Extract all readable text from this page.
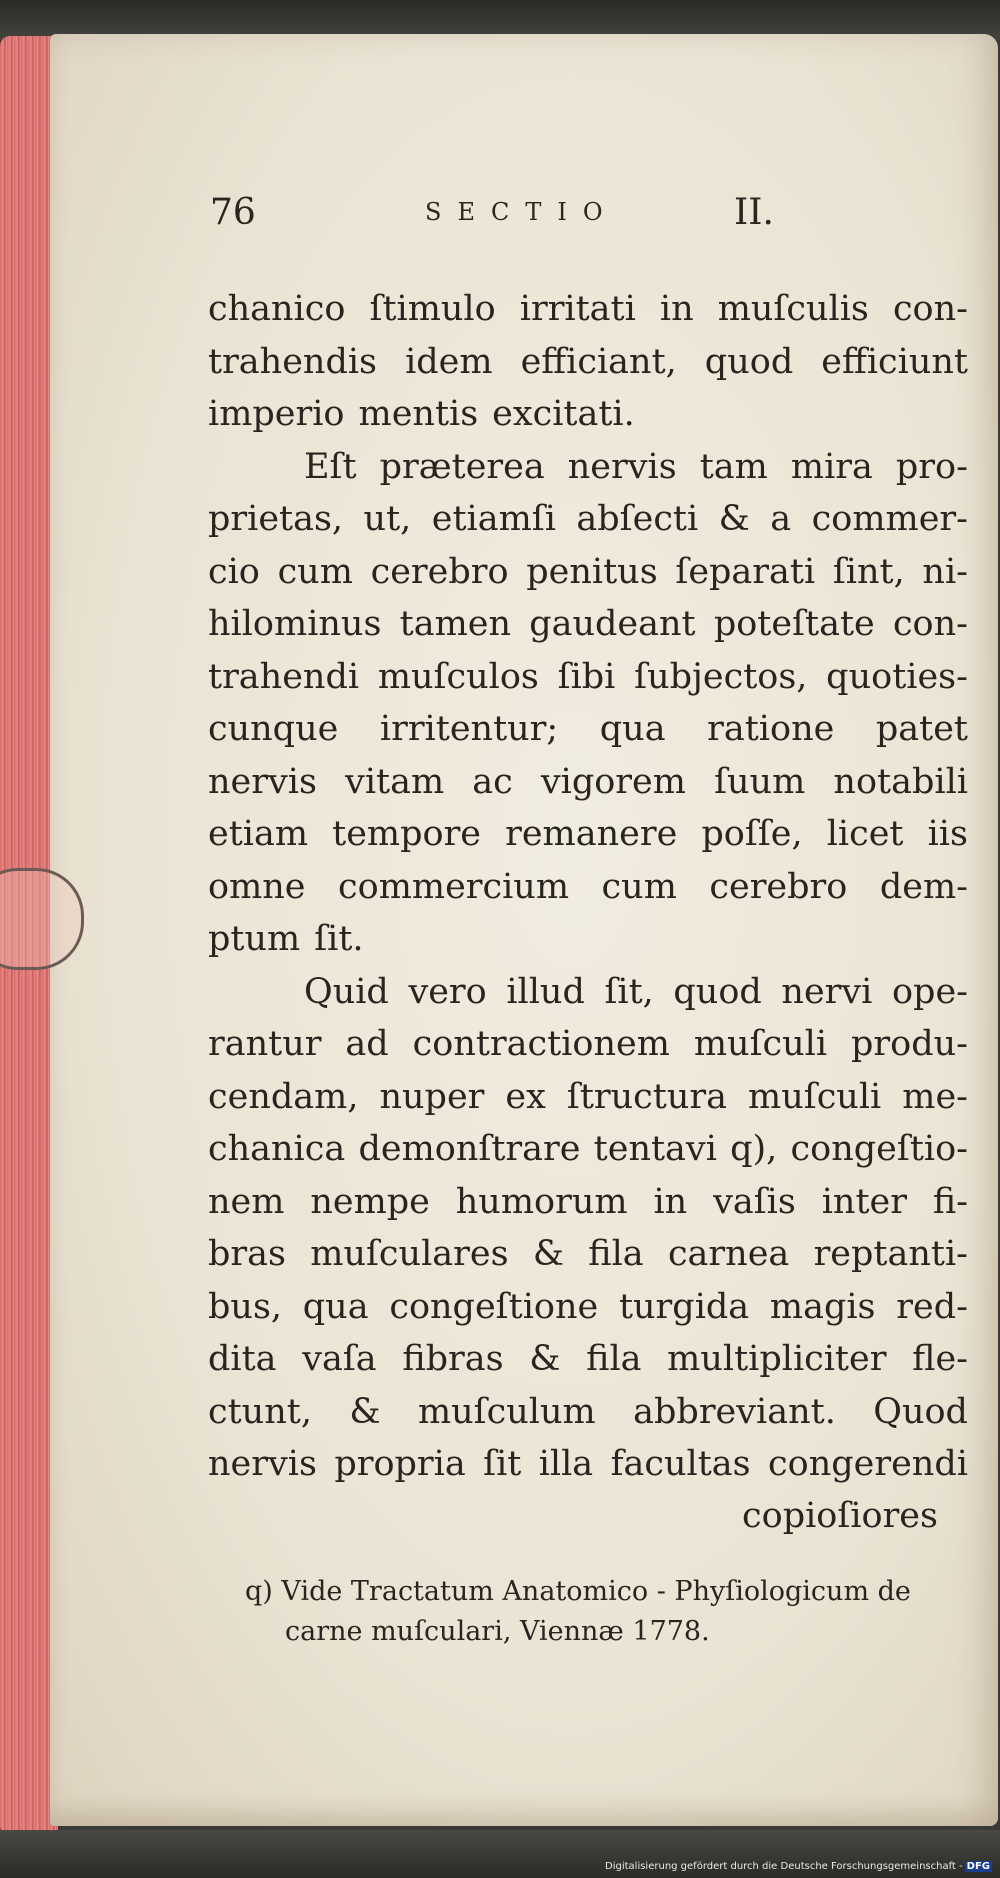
76	SECTIO	II.
chanico ſtimulo irritati in muſculis con-
trahendis idem efficiant, quod efficiunt
imperio mentis excitati.
Eſt præterea nervis tam mira pro-
prietas, ut, etiamſi abſecti & a commer-
cio cum cerebro penitus ſeparati ſint, ni-
hilominus tamen gaudeant poteſtate con-
trahendi muſculos ſibi ſubjectos, quoties-
cunque irritentur; qua ratione patet
nervis vitam ac vigorem ſuum notabili
etiam tempore remanere poſſe, licet iis
omne commercium cum cerebro dem-
ptum ſit.
Quid vero illud ſit, quod nervi ope-
rantur ad contractionem muſculi produ-
cendam, nuper ex ſtructura muſculi me-
chanica demonſtrare tentavi q), congeſtio-
nem nempe humorum in vaſis inter fi-
bras muſculares & fila carnea reptanti-
bus, qua congeſtione turgida magis red-
dita vaſa fibras & fila multipliciter fle-
ctunt, & muſculum abbreviant. Quod
nervis propria ſit illa facultas congerendi
copioſiores
q) Vide Tractatum Anatomico - Phyſiologicum de
carne muſculari, Viennæ 1778.
Digitalisierung gefördert durch die Deutsche Forschungsgemeinschaft - DFG
